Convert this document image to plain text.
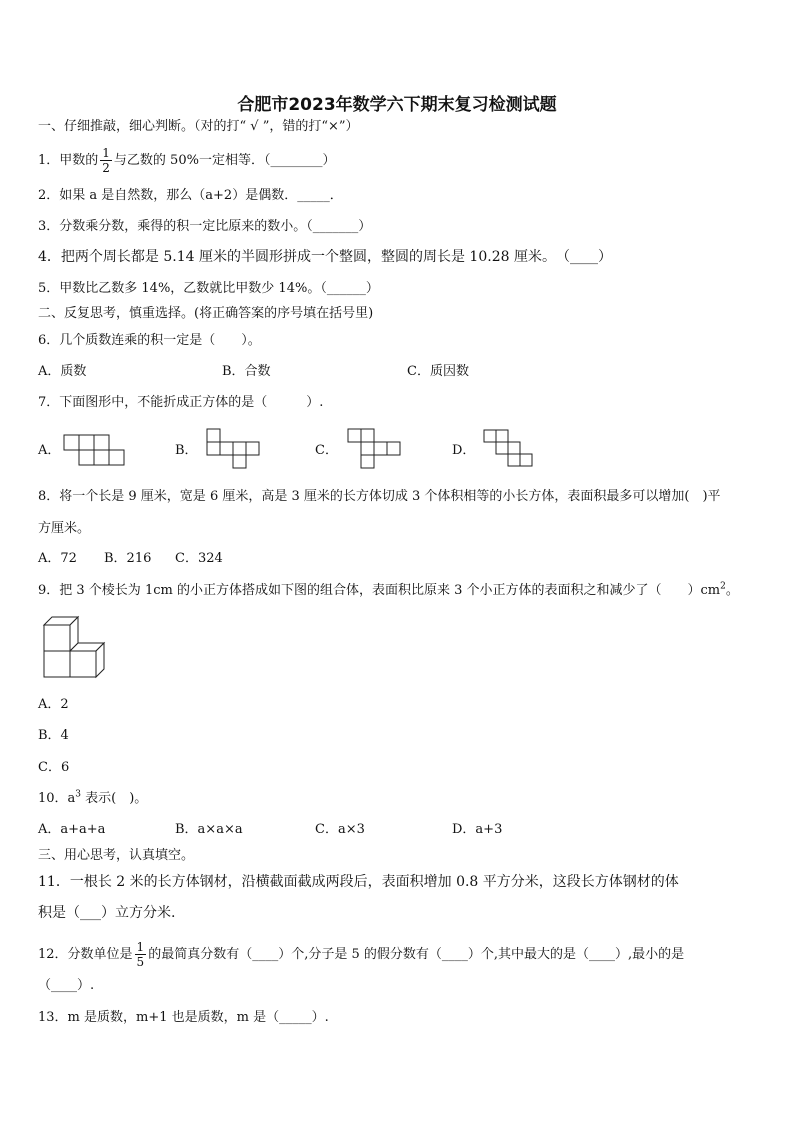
合肥市2023年数学六下期末复习检测试题
一、仔细推敲，细心判断。（对的打“ √ ”，错的打“×”）
1．甲数的 $\frac{1}{2}$ 与乙数的 50%一定相等．（________）
2．如果 a 是自然数，那么（a+2）是偶数．_____．
3．分数乘分数，乘得的积一定比原来的数小。（_______）
4．把两个周长都是 5.14 厘米的半圆形拼成一个整圆，整圆的周长是 10.28 厘米。　（____）
5．甲数比乙数多 14%，乙数就比甲数少 14%。（______）
二、反复思考，慎重选择。(将正确答案的序号填在括号里)
6．几个质数连乘的积一定是（　　）。
A．质数	B．合数	C．质因数
7．下面图形中，不能折成正方体的是（　　　）.
A．	B．	C．	D．
8．将一个长是 9 厘米，宽是 6 厘米，高是 3 厘米的长方体切成 3 个体积相等的小长方体，表面积最多可以增加(　)平
方厘米。
A．72 B．216 C．324
9．把 3 个棱长为 1cm 的小正方体搭成如下图的组合体，表面积比原来 3 个小正方体的表面积之和减少了（　　）$cm^2$。
A．2
B．4
C．6
10．$a^3$ 表示(　)。
A．a+a+a	B．a×a×a	C．a×3	D．a+3
三、用心思考，认真填空。
11．一根长 2 米的长方体钢材，沿横截面截成两段后，表面积增加 0.8 平方分米，这段长方体钢材的体
积是（___）立方分米.
12．分数单位是 $\frac{1}{5}$ 的最简真分数有（____）个,分子是 5 的假分数有（____）个,其中最大的是（____）,最小的是
（____）.
13．m 是质数，m+1 也是质数，m 是（_____）.
